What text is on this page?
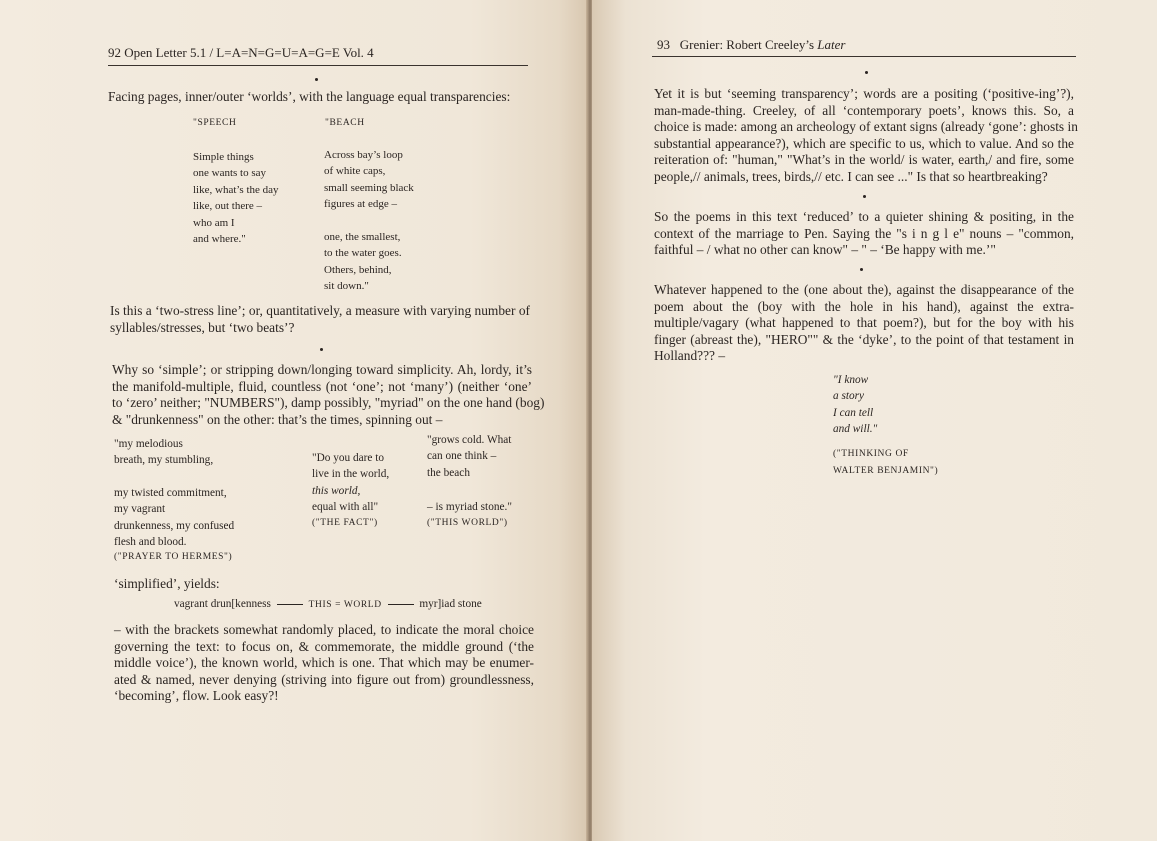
92 Open Letter 5.1 / L=A=N=G=U=A=G=E Vol. 4
Facing pages, inner/outer ‘worlds’, with the language equal transparencies:
"SPEECH
Simple things
one wants to say
like, what’s the day
like, out there –
who am I
and where."
"BEACH
Across bay’s loop
of white caps,
small seeming black
figures at edge –
one, the smallest,
to the water goes.
Others, behind,
sit down."
Is this a ‘two-stress line’; or, quantitatively, a measure with varying number of
syllables/stresses, but ‘two beats’?
Why so ‘simple’; or stripping down/longing toward simplicity. Ah, lordy, it’s
the manifold-multiple, fluid, countless (not ‘one’; not ‘many’) (neither ‘one’
to ‘zero’ neither; "NUMBERS"), damp possibly, "myriad" on the one hand (bog)
& "drunkenness" on the other: that’s the times, spinning out –
"my melodious
breath, my stumbling,
my twisted commitment,
my vagrant
drunkenness, my confused
flesh and blood.
("PRAYER TO HERMES")
"Do you dare to
live in the world,
this world,
equal with all"
("THE FACT")
"grows cold. What
can one think –
the beach
– is myriad stone."
("THIS WORLD")
‘simplified’, yields:
vagrant drun[kenness	THIS = WORLD	myr]iad stone
– with the brackets somewhat randomly placed, to indicate the moral choice
governing the text: to focus on, & commemorate, the middle ground (‘the
middle voice’), the known world, which is one. That which may be enumer-
ated & named, never denying (striving into figure out from) groundlessness,
‘becoming’, flow. Look easy?!
93 Grenier: Robert Creeley’s Later
Yet it is but ‘seeming transparency’; words are a positing (‘positive-ing’?),
man-made-thing. Creeley, of all ‘contemporary poets’, knows this. So, a
choice is made: among an archeology of extant signs (already ‘gone’: ghosts in
substantial appearance?), which are specific to us, which to value. And so the
reiteration of: "human," "What’s in the world/ is water, earth,/ and fire, some
people,// animals, trees, birds,// etc. I can see ..." Is that so heartbreaking?
So the poems in this text ‘reduced’ to a quieter shining & positing, in the
context of the marriage to Pen. Saying the "s i n g l e" nouns – "common,
faithful – / what no other can know" – " – ‘Be happy with me.’"
Whatever happened to the (one about the), against the disappearance of the
poem about the (boy with the hole in his hand), against the extra-
multiple/vagary (what happened to that poem?), but for the boy with his
finger (abreast the), "HERO"" & the ‘dyke’, to the point of that testament in
Holland??? –
"I know
a story
I can tell
and will."
("THINKING OF
WALTER BENJAMIN")
